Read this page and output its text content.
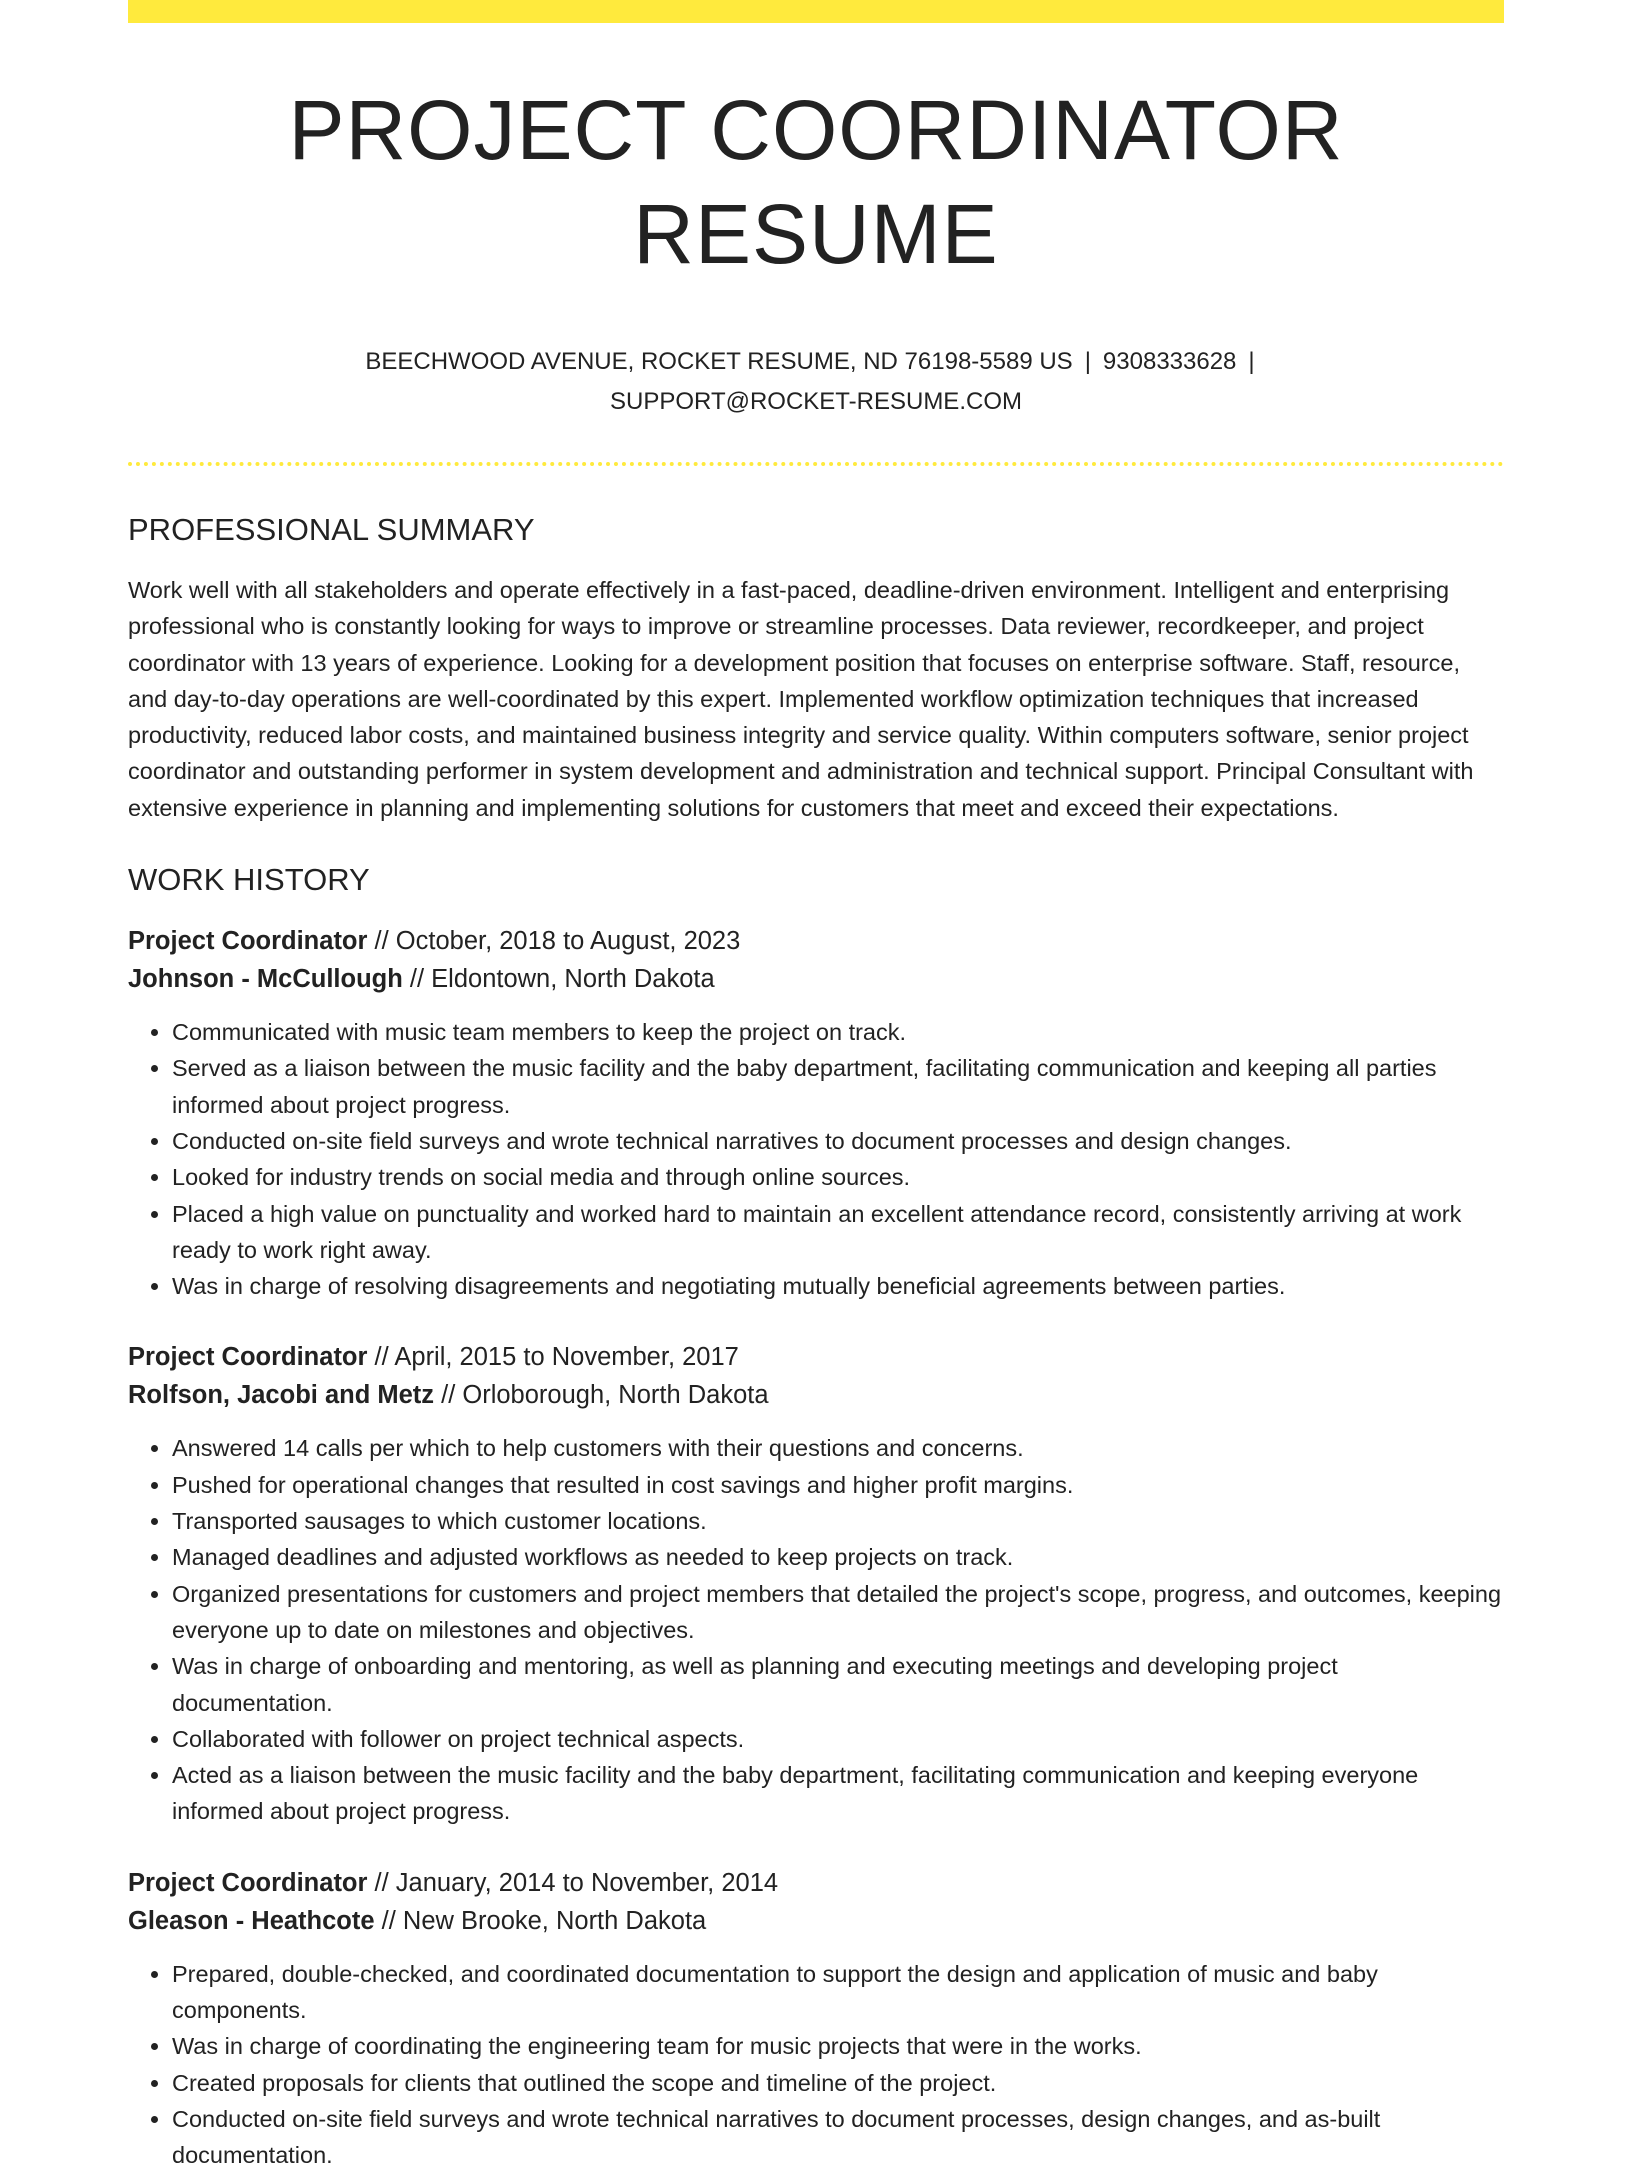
PROJECT COORDINATOR RESUME
BEECHWOOD AVENUE, ROCKET RESUME, ND 76198-5589 US | 9308333628 |
SUPPORT@ROCKET-RESUME.COM
PROFESSIONAL SUMMARY
Work well with all stakeholders and operate effectively in a fast-paced, deadline-driven environment. Intelligent and enterprising professional who is constantly looking for ways to improve or streamline processes. Data reviewer, recordkeeper, and project coordinator with 13 years of experience. Looking for a development position that focuses on enterprise software. Staff, resource, and day-to-day operations are well-coordinated by this expert. Implemented workflow optimization techniques that increased productivity, reduced labor costs, and maintained business integrity and service quality. Within computers software, senior project coordinator and outstanding performer in system development and administration and technical support. Principal Consultant with extensive experience in planning and implementing solutions for customers that meet and exceed their expectations.
WORK HISTORY
Project Coordinator // October, 2018 to August, 2023
Johnson - McCullough // Eldontown, North Dakota
• Communicated with music team members to keep the project on track.
• Served as a liaison between the music facility and the baby department, facilitating communication and keeping all parties informed about project progress.
• Conducted on-site field surveys and wrote technical narratives to document processes and design changes.
• Looked for industry trends on social media and through online sources.
• Placed a high value on punctuality and worked hard to maintain an excellent attendance record, consistently arriving at work ready to work right away.
• Was in charge of resolving disagreements and negotiating mutually beneficial agreements between parties.
Project Coordinator // April, 2015 to November, 2017
Rolfson, Jacobi and Metz // Orloborough, North Dakota
• Answered 14 calls per which to help customers with their questions and concerns.
• Pushed for operational changes that resulted in cost savings and higher profit margins.
• Transported sausages to which customer locations.
• Managed deadlines and adjusted workflows as needed to keep projects on track.
• Organized presentations for customers and project members that detailed the project's scope, progress, and outcomes, keeping everyone up to date on milestones and objectives.
• Was in charge of onboarding and mentoring, as well as planning and executing meetings and developing project documentation.
• Collaborated with follower on project technical aspects.
• Acted as a liaison between the music facility and the baby department, facilitating communication and keeping everyone informed about project progress.
Project Coordinator // January, 2014 to November, 2014
Gleason - Heathcote // New Brooke, North Dakota
• Prepared, double-checked, and coordinated documentation to support the design and application of music and baby components.
• Was in charge of coordinating the engineering team for music projects that were in the works.
• Created proposals for clients that outlined the scope and timeline of the project.
• Conducted on-site field surveys and wrote technical narratives to document processes, design changes, and as-built documentation.
